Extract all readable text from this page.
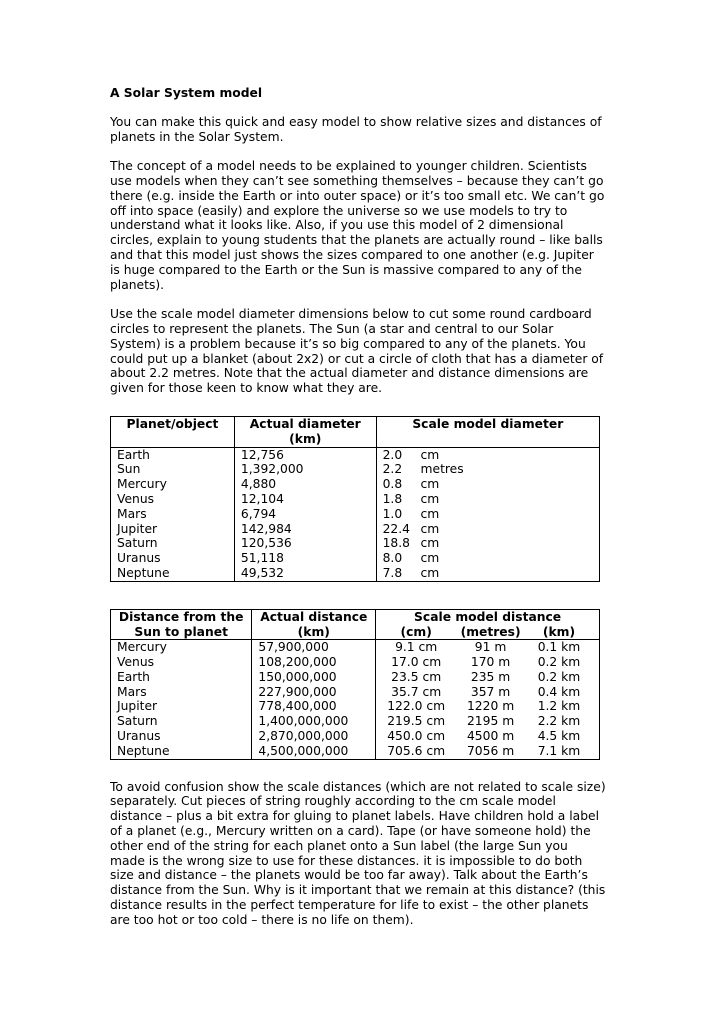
A Solar System model

You can make this quick and easy model to show relative sizes and distances of planets in the Solar System.

The concept of a model needs to be explained to younger children. Scientists use models when they can’t see something themselves – because they can’t go there (e.g. inside the Earth or into outer space) or it’s too small etc. We can’t go off into space (easily) and explore the universe so we use models to try to understand what it looks like. Also, if you use this model of 2 dimensional circles, explain to young students that the planets are actually round – like balls and that this model just shows the sizes compared to one another (e.g. Jupiter is huge compared to the Earth or the Sun is massive compared to any of the planets).

Use the scale model diameter dimensions below to cut some round cardboard circles to represent the planets. The Sun (a star and central to our Solar System) is a problem because it’s so big compared to any of the planets. You could put up a blanket (about 2x2) or cut a circle of cloth that has a diameter of about 2.2 metres. Note that the actual diameter and distance dimensions are given for those keen to know what they are.

Planet/object	Actual diameter (km)	Scale model diameter
Earth	12,756	2.0 cm
Sun	1,392,000	2.2 metres
Mercury	4,880	0.8 cm
Venus	12,104	1.8 cm
Mars	6,794	1.0 cm
Jupiter	142,984	22.4 cm
Saturn	120,536	18.8 cm
Uranus	51,118	8.0 cm
Neptune	49,532	7.8 cm
Distance from the Sun to planet	Actual distance (km)	Scale model distance
(cm) (metres) (km)

Mercury	57,900,000	9.1 cm 91 m 0.1 km

Venus	108,200,000	17.0 cm 170 m 0.2 km

Earth	150,000,000	23.5 cm 235 m 0.2 km

Mars	227,900,000	35.7 cm 357 m 0.4 km

Jupiter	778,400,000	122.0 cm 1220 m 1.2 km

Saturn	1,400,000,000	219.5 cm 2195 m 2.2 km

Uranus	2,870,000,000	450.0 cm 4500 m 4.5 km

Neptune	4,500,000,000	705.6 cm 7056 m 7.1 km

To avoid confusion show the scale distances (which are not related to scale size) separately. Cut pieces of string roughly according to the cm scale model distance – plus a bit extra for gluing to planet labels. Have children hold a label of a planet (e.g., Mercury written on a card). Tape (or have someone hold) the other end of the string for each planet onto a Sun label (the large Sun you made is the wrong size to use for these distances. it is impossible to do both size and distance – the planets would be too far away). Talk about the Earth’s distance from the Sun. Why is it important that we remain at this distance? (this distance results in the perfect temperature for life to exist – the other planets are too hot or too cold – there is no life on them).
